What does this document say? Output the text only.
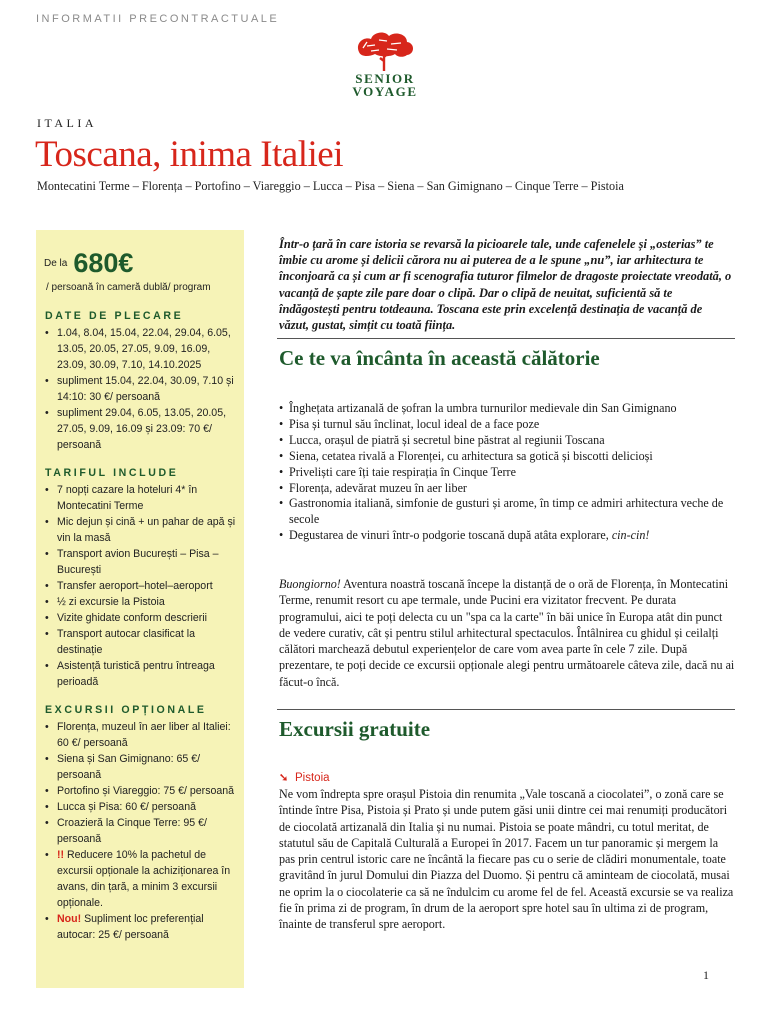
INFORMATII PRECONTRACTUALE
SENIOR
VOYAGE
ITALIA
Toscana, inima Italiei
Montecatini Terme – Florența – Portofino – Viareggio – Lucca – Pisa – Siena – San Gimignano – Cinque Terre – Pistoia
De la 680€
/ persoană în cameră dublă/ program
DATE DE PLECARE
• 1.04, 8.04, 15.04, 22.04, 29.04, 6.05, 13.05, 20.05, 27.05, 9.09, 16.09, 23.09, 30.09, 7.10, 14.10.2025
• supliment 15.04, 22.04, 30.09, 7.10 și 14:10: 30 €/ persoană
• supliment 29.04, 6.05, 13.05, 20.05, 27.05, 9.09, 16.09 și 23.09: 70 €/ persoană
TARIFUL INCLUDE
• 7 nopți cazare la hoteluri 4* în Montecatini Terme
• Mic dejun și cină + un pahar de apă și vin la masă
• Transport avion București – Pisa – București
• Transfer aeroport–hotel–aeroport
• ½ zi excursie la Pistoia
• Vizite ghidate conform descrierii
• Transport autocar clasificat la destinație
• Asistență turistică pentru întreaga perioadă
EXCURSII OPȚIONALE
• Florența, muzeul în aer liber al Italiei: 60 €/ persoană
• Siena și San Gimignano: 65 €/ persoană
• Portofino și Viareggio: 75 €/ persoană
• Lucca și Pisa: 60 €/ persoană
• Croazieră la Cinque Terre: 95 €/ persoană
• !! Reducere 10% la pachetul de excursii opționale la achiziționarea în avans, din țară, a minim 3 excursii opționale.
• Nou! Supliment loc preferențial autocar: 25 €/ persoană

Într-o țară în care istoria se revarsă la picioarele tale, unde cafenelele și „osterias” te îmbie cu arome și delicii cărora nu ai puterea de a le spune „nu”, iar arhitectura te înconjoară ca și cum ar fi scenografia tuturor filmelor de dragoste proiectate vreodată, o vacanță de șapte zile pare doar o clipă. Dar o clipă de neuitat, suficientă să te îndăgostești pentru totdeauna. Toscana este prin excelență destinația de vacanță de văzut, gustat, simțit cu toată ființa.

Ce te va încânta în această călătorie
• Înghețata artizanală de șofran la umbra turnurilor medievale din San Gimignano
• Pisa și turnul său înclinat, locul ideal de a face poze
• Lucca, orașul de piatră și secretul bine păstrat al regiunii Toscana
• Siena, cetatea rivală a Florenței, cu arhitectura sa gotică și biscotti delicioși
• Priveliști care îți taie respirația în Cinque Terre
• Florența, adevărat muzeu în aer liber
• Gastronomia italiană, simfonie de gusturi și arome, în timp ce admiri arhitectura veche de secole
• Degustarea de vinuri într-o podgorie toscană după atâta explorare, cin-cin!

Buongiorno! Aventura noastră toscană începe la distanță de o oră de Florența, în Montecatini Terme, renumit resort cu ape termale, unde Pucini era vizitator frecvent. Pe durata programului, aici te poți delecta cu un "spa ca la carte" în băi unice în Europa atât din punct de vedere curativ, cât și pentru stilul arhitectural spectaculos. Întâlnirea cu ghidul și ceilalți călători marchează debutul experiențelor de care vom avea parte în cele 7 zile. După prezentare, te poți decide ce excursii opționale alegi pentru următoarele câteva zile, dacă nu ai făcut-o încă.

Excursii gratuite
➘ Pistoia

Ne vom îndrepta spre orașul Pistoia din renumita „Vale toscană a ciocolatei”, o zonă care se întinde între Pisa, Pistoia și Prato și unde putem găsi unii dintre cei mai renumiți producători de ciocolată artizanală din Italia și nu numai. Pistoia se poate mândri, cu totul meritat, de statutul său de Capitală Culturală a Europei în 2017. Facem un tur panoramic și mergem la pas prin centrul istoric care ne încântă la fiecare pas cu o serie de clădiri monumentale, toate gravitând în jurul Domului din Piazza del Duomo. Și pentru că aminteam de ciocolată, musai ne oprim la o ciocolaterie ca să ne îndulcim cu arome fel de fel. Această excursie se va realiza fie în prima zi de program, în drum de la aeroport spre hotel sau în ultima zi de program, înainte de transferul spre aeroport.

1
